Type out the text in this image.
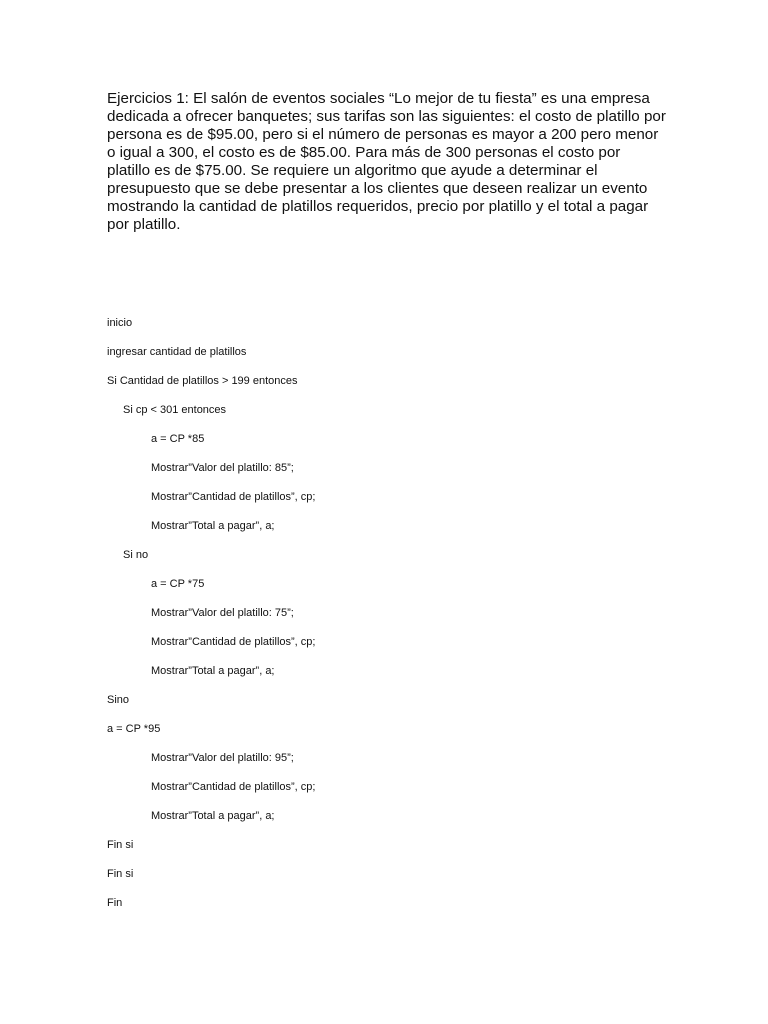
Ejercicios 1: El salón de eventos sociales “Lo mejor de tu fiesta” es una empresa dedicada a ofrecer banquetes; sus tarifas son las siguientes: el costo de platillo por persona es de $95.00, pero si el número de personas es mayor a 200 pero menor o igual a 300, el costo es de $85.00. Para más de 300 personas el costo por platillo es de $75.00. Se requiere un algoritmo que ayude a determinar el presupuesto que se debe presentar a los clientes que deseen realizar un evento mostrando la cantidad de platillos requeridos, precio por platillo y el total a pagar por platillo.

inicio
ingresar cantidad de platillos
Si Cantidad de platillos > 199 entonces
Si cp < 301 entonces
a = CP *85
Mostrar”Valor del platillo: 85”;
Mostrar”Cantidad de platillos”, cp;
Mostrar”Total a pagar”, a;
Si no
a = CP *75
Mostrar”Valor del platillo: 75”;
Mostrar”Cantidad de platillos”, cp;
Mostrar”Total a pagar”, a;
Sino
a = CP *95
Mostrar”Valor del platillo: 95”;
Mostrar”Cantidad de platillos”, cp;
Mostrar”Total a pagar”, a;
Fin si
Fin si
Fin
